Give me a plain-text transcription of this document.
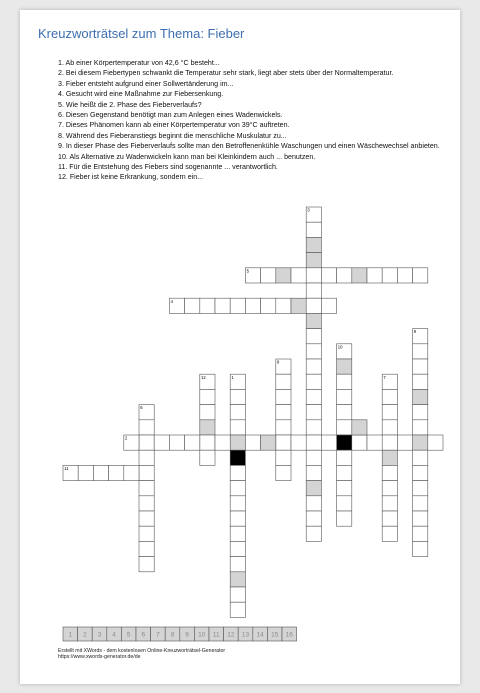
Kreuzworträtsel zum Thema: Fieber
1. Ab einer Körpertemperatur von 42,6 °C besteht...
2. Bei diesem Fiebertypen schwankt die Temperatur sehr stark, liegt aber stets über der Normaltemperatur.
3. Fieber entsteht aufgrund einer Sollwertänderung im...
4. Gesucht wird eine Maßnahme zur Fiebersenkung.
5. Wie heißt die 2. Phase des Fieberverlaufs?
6. Diesen Gegenstand benötigt man zum Anlegen eines Wadenwickels.
7. Dieses Phänomen kann ab einer Körpertemperatur von 39°C auftreten.
8. Während des Fieberanstiegs beginnt die menschliche Muskulatur zu...
9. In dieser Phase des Fieberverlaufs sollte man den Betroffenenkühle Waschungen und einen Wäschewechsel anbieten.
10. Als Alternative zu Wadenwickeln kann man bei Kleinkindern auch ... benutzen.
11. Für die Entstehung des Fiebers sind sogenannte ... verantwortlich.
12. Fieber ist keine Erkrankung, sondern ein...
3
5
4
9
10
8
7
12	1
6
2
11
1 2 3 4 5 6 7 8 9 10 11 12 13 14 15 16
Erstellt mit XWords - dem kostenlosen Online-Kreuzworträtsel-Generator
https://www.xwords-generator.de/de
